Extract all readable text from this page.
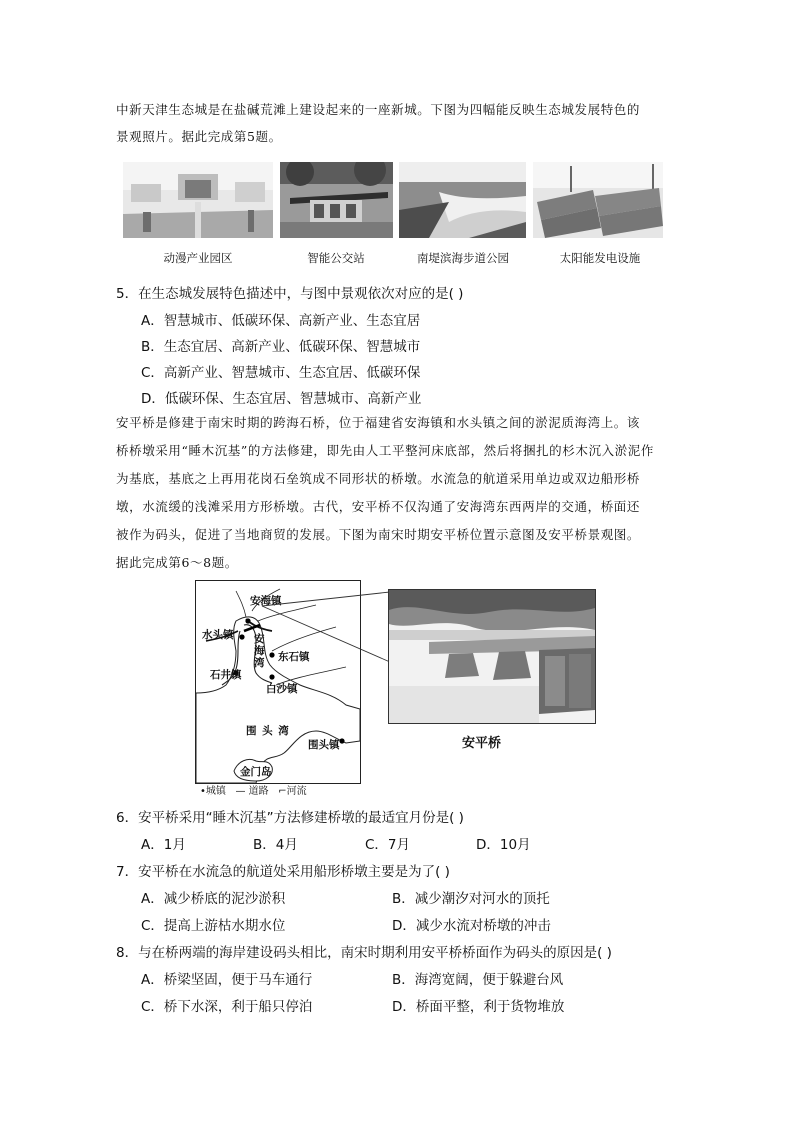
中新天津生态城是在盐碱荒滩上建设起来的一座新城。下图为四幅能反映生态城发展特色的
景观照片。据此完成第5题。
动漫产业园区	智能公交站	南堤滨海步道公园	太阳能发电设施
5．在生态城发展特色描述中，与图中景观依次对应的是( )
A．智慧城市、低碳环保、高新产业、生态宜居
B．生态宜居、高新产业、低碳环保、智慧城市
C．高新产业、智慧城市、生态宜居、低碳环保
D．低碳环保、生态宜居、智慧城市、高新产业
安平桥是修建于南宋时期的跨海石桥，位于福建省安海镇和水头镇之间的淤泥质海湾上。该
桥桥墩采用“睡木沉基”的方法修建，即先由人工平整河床底部，然后将捆扎的杉木沉入淤泥作
为基底，基底之上再用花岗石垒筑成不同形状的桥墩。水流急的航道采用单边或双边船形桥
墩，水流缓的浅滩采用方形桥墩。古代，安平桥不仅沟通了安海湾东西两岸的交通，桥面还
被作为码头，促进了当地商贸的发展。下图为南宋时期安平桥位置示意图及安平桥景观图。
据此完成第6～8题。
安海镇
水头镇 安海湾 东石镇
石井镇
白沙镇
围 头 湾
围头镇
金门岛
•城镇 — 道路 ⌐河流
安平桥
6．安平桥采用“睡木沉基”方法修建桥墩的最适宜月份是( )
A．1月	B．4月	C．7月	D．10月
7．安平桥在水流急的航道处采用船形桥墩主要是为了( )
A．减少桥底的泥沙淤积	B．减少潮汐对河水的顶托
C．提高上游枯水期水位	D．减少水流对桥墩的冲击
8．与在桥两端的海岸建设码头相比，南宋时期利用安平桥桥面作为码头的原因是( )
A．桥梁坚固，便于马车通行	B．海湾宽阔，便于躲避台风
C．桥下水深，利于船只停泊	D．桥面平整，利于货物堆放
